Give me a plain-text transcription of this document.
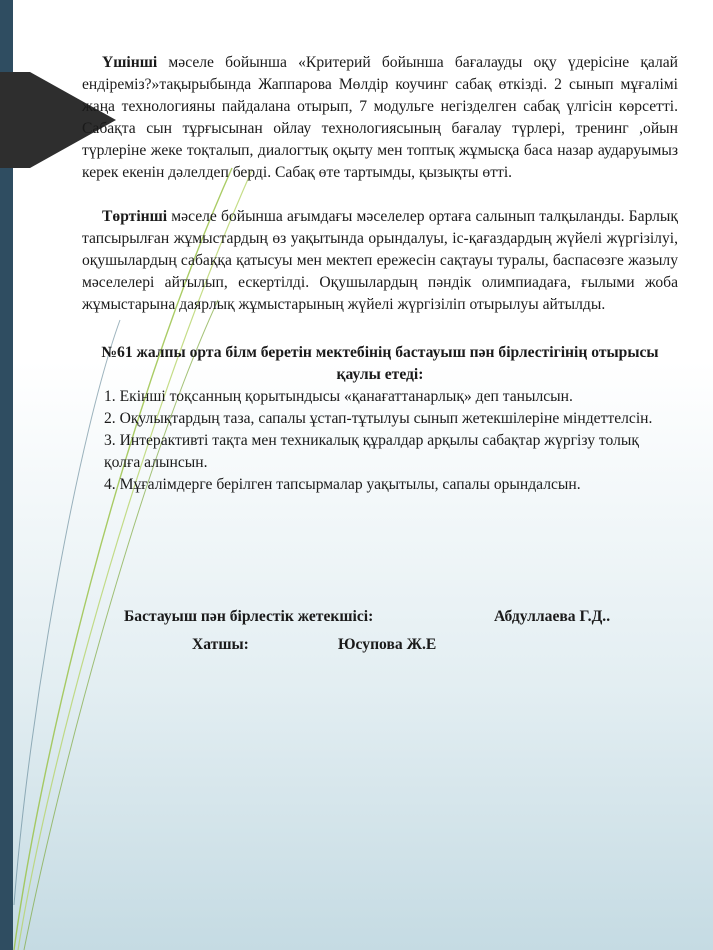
Үшінші мәселе бойынша «Критерий бойынша бағалауды оқу үдерісіне қалай ендіреміз?»тақырыбында Жаппарова Мөлдір коучинг сабақ өткізді. 2 сынып мұғалімі жаңа технологияны пайдалана отырып, 7 модульге негізделген сабақ үлгісін көрсетті. Сабақта сын тұрғысынан ойлау технологиясының бағалау түрлері, тренинг ,ойын түрлеріне жеке тоқталып, диалогтық оқыту мен топтық жұмысқа баса назар аударуымыз керек екенін дәлелдеп берді. Сабақ өте тартымды, қызықты өтті.

Төртінші мәселе бойынша ағымдағы мәселелер ортаға салынып талқыланды. Барлық тапсырылған жұмыстардың өз уақытында орындалуы, іс-қағаздардың жүйелі жүргізілуі, оқушылардың сабаққа қатысуы мен мектеп ережесін сақтауы туралы, баспасөзге жазылу мәселелері айтылып, ескертілді. Оқушылардың пәндік олимпиадаға, ғылыми жоба жұмыстарына даярлық жұмыстарының жүйелі жүргізіліп отырылуы айтылды.

№61 жалпы орта білм беретін мектебінің бастауыш пән бірлестігінің отырысы қаулы етеді:

1. Екінші тоқсанның қорытындысы «қанағаттанарлық» деп танылсын.
2. Оқулықтардың таза, сапалы ұстап-тұтылуы сынып жетекшілеріне міндеттелсін.
3. Интерактивті тақта мен техникалық құралдар арқылы сабақтар жүргізу толық қолға алынсын.
4. Мұғалімдерге берілген тапсырмалар уақытылы, сапалы орындалсын.
Бастауыш пән бірлестік жетекшісі:	Абдуллаева Г.Д..
Хатшы:	Юсупова Ж.Е
